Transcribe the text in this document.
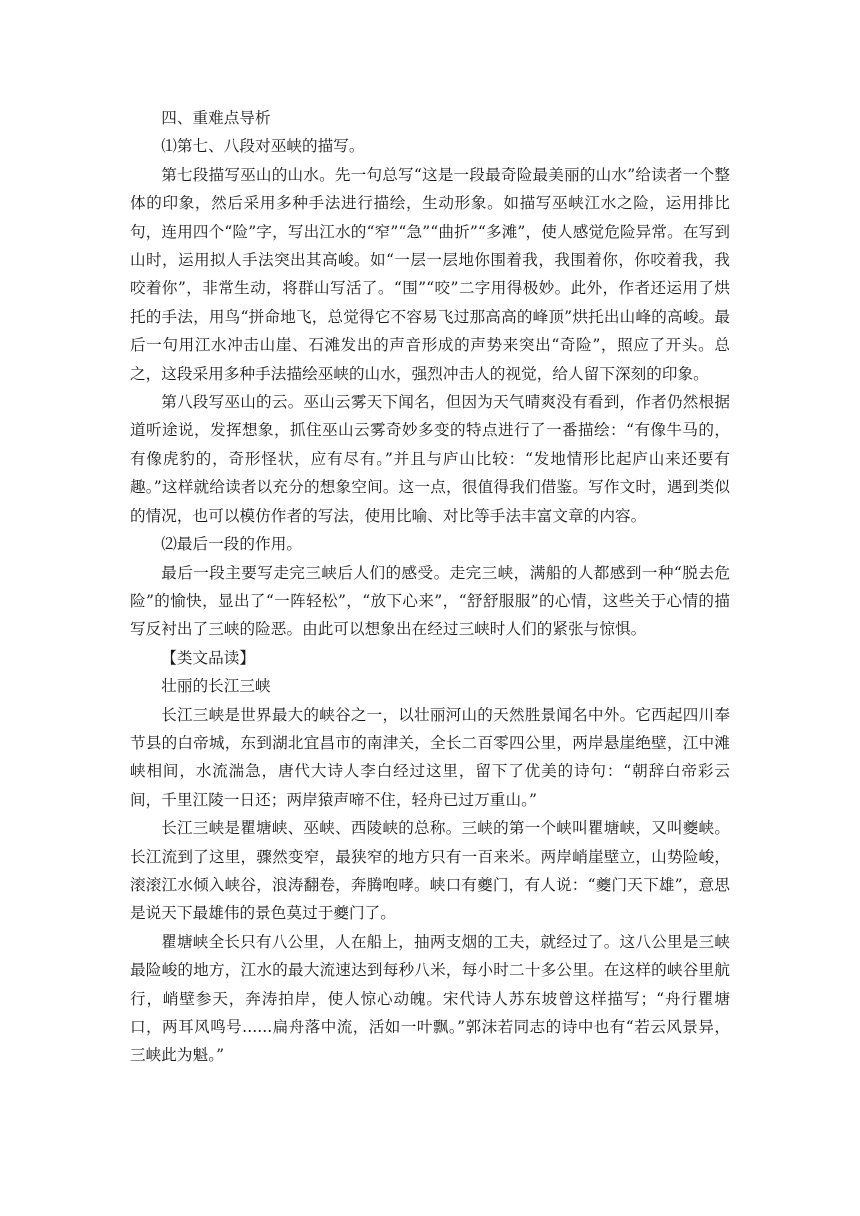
四、重难点导析

⑴第七、八段对巫峡的描写。

第七段描写巫山的山水。先一句总写“这是一段最奇险最美丽的山水”给读者一个整体的印象，然后采用多种手法进行描绘，生动形象。如描写巫峡江水之险，运用排比句，连用四个“险”字，写出江水的“窄”“急”“曲折”“多滩”，使人感觉危险异常。在写到山时，运用拟人手法突出其高峻。如“一层一层地你围着我，我围着你，你咬着我，我咬着你”，非常生动，将群山写活了。“围”“咬”二字用得极妙。此外，作者还运用了烘托的手法，用鸟“拼命地飞，总觉得它不容易飞过那高高的峰顶”烘托出山峰的高峻。最后一句用江水冲击山崖、石滩发出的声音形成的声势来突出“奇险”，照应了开头。总之，这段采用多种手法描绘巫峡的山水，强烈冲击人的视觉，给人留下深刻的印象。

第八段写巫山的云。巫山云雾天下闻名，但因为天气晴爽没有看到，作者仍然根据道听途说，发挥想象，抓住巫山云雾奇妙多变的特点进行了一番描绘：“有像牛马的，有像虎豹的，奇形怪状，应有尽有。”并且与庐山比较：“发地情形比起庐山来还要有趣。”这样就给读者以充分的想象空间。这一点，很值得我们借鉴。写作文时，遇到类似的情况，也可以模仿作者的写法，使用比喻、对比等手法丰富文章的内容。

⑵最后一段的作用。

最后一段主要写走完三峡后人们的感受。走完三峡，满船的人都感到一种“脱去危险”的愉快，显出了“一阵轻松”，“放下心来”，“舒舒服服”的心情，这些关于心情的描写反衬出了三峡的险恶。由此可以想象出在经过三峡时人们的紧张与惊惧。

【类文品读】

壮丽的长江三峡

长江三峡是世界最大的峡谷之一，以壮丽河山的天然胜景闻名中外。它西起四川奉节县的白帝城，东到湖北宜昌市的南津关，全长二百零四公里，两岸悬崖绝壁，江中滩峡相间，水流湍急，唐代大诗人李白经过这里，留下了优美的诗句：“朝辞白帝彩云间，千里江陵一日还；两岸猿声啼不住，轻舟已过万重山。”

长江三峡是瞿塘峡、巫峡、西陵峡的总称。三峡的第一个峡叫瞿塘峡，又叫夔峡。长江流到了这里，骤然变窄，最狭窄的地方只有一百来米。两岸峭崖壁立，山势险峻，滚滚江水倾入峡谷，浪涛翻卷，奔腾咆哮。峡口有夔门，有人说：“夔门天下雄”，意思是说天下最雄伟的景色莫过于夔门了。

瞿塘峡全长只有八公里，人在船上，抽两支烟的工夫，就经过了。这八公里是三峡最险峻的地方，江水的最大流速达到每秒八米，每小时二十多公里。在这样的峡谷里航行，峭壁参天，奔涛拍岸，使人惊心动魄。宋代诗人苏东坡曾这样描写；“舟行瞿塘口，两耳风鸣号......扁舟落中流，活如一叶飘。”郭沫若同志的诗中也有“若云风景异，三峡此为魁。”
